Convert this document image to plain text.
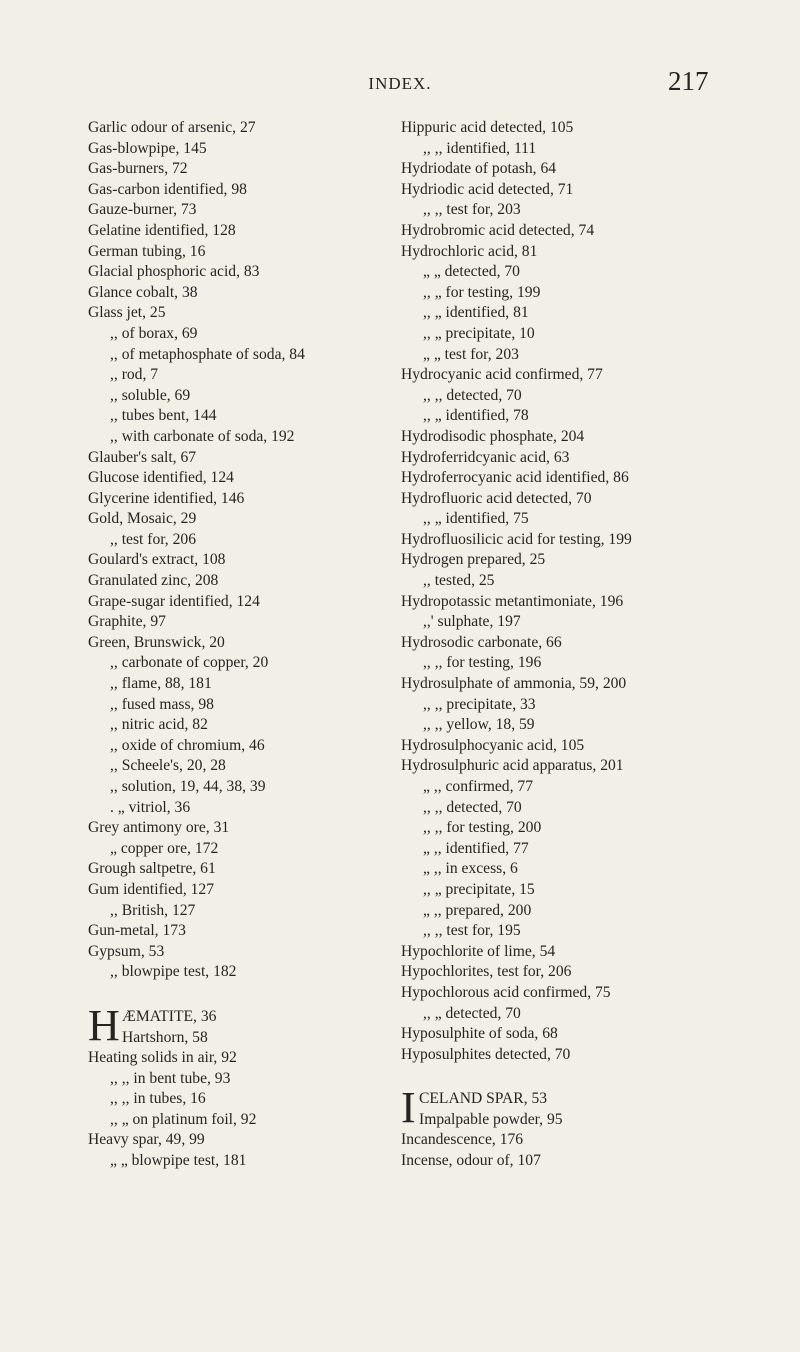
INDEX.	217
Garlic odour of arsenic, 27
Gas-blowpipe, 145
Gas-burners, 72
Gas-carbon identified, 98
Gauze-burner, 73
Gelatine identified, 128
German tubing, 16
Glacial phosphoric acid, 83
Glance cobalt, 38
Glass jet, 25
,, of borax, 69
,, of metaphosphate of soda, 84
,, rod, 7
,, soluble, 69
,, tubes bent, 144
,, with carbonate of soda, 192
Glauber's salt, 67
Glucose identified, 124
Glycerine identified, 146
Gold, Mosaic, 29
,, test for, 206
Goulard's extract, 108
Granulated zinc, 208
Grape-sugar identified, 124
Graphite, 97
Green, Brunswick, 20
,, carbonate of copper, 20
,, flame, 88, 181
,, fused mass, 98
,, nitric acid, 82
,, oxide of chromium, 46
,, Scheele's, 20, 28
,, solution, 19, 44, 38, 39
. „ vitriol, 36
Grey antimony ore, 31
„ copper ore, 172
Grough saltpetre, 61
Gum identified, 127
,, British, 127
Gun-metal, 173
Gypsum, 53
,, blowpipe test, 182
H ÆMATITE, 36
Hartshorn, 58
Heating solids in air, 92
,, ,, in bent tube, 93
,, ,, in tubes, 16
,, „ on platinum foil, 92
Heavy spar, 49, 99
„ „ blowpipe test, 181
Hippuric acid detected, 105
,, ,, identified, 111
Hydriodate of potash, 64
Hydriodic acid detected, 71
,, ,, test for, 203
Hydrobromic acid detected, 74
Hydrochloric acid, 81
„ „ detected, 70
,, „ for testing, 199
,, „ identified, 81
,, „ precipitate, 10
„ „ test for, 203
Hydrocyanic acid confirmed, 77
,, ,, detected, 70
,, „ identified, 78
Hydrodisodic phosphate, 204
Hydroferridcyanic acid, 63
Hydroferrocyanic acid identified, 86
Hydrofluoric acid detected, 70
,, „ identified, 75
Hydrofluosilicic acid for testing, 199
Hydrogen prepared, 25
,, tested, 25
Hydropotassic metantimoniate, 196
,,' sulphate, 197
Hydrosodic carbonate, 66
,, ,, for testing, 196
Hydrosulphate of ammonia, 59, 200
,, ,, precipitate, 33
,, ,, yellow, 18, 59
Hydrosulphocyanic acid, 105
Hydrosulphuric acid apparatus, 201
„ ,, confirmed, 77
,, ,, detected, 70
,, ,, for testing, 200
„ ,, identified, 77
„ ,, in excess, 6
,, „ precipitate, 15
„ ,, prepared, 200
,, ,, test for, 195
Hypochlorite of lime, 54
Hypochlorites, test for, 206
Hypochlorous acid confirmed, 75
,, „ detected, 70
Hyposulphite of soda, 68
Hyposulphites detected, 70
I CELAND SPAR, 53
Impalpable powder, 95
Incandescence, 176
Incense, odour of, 107
